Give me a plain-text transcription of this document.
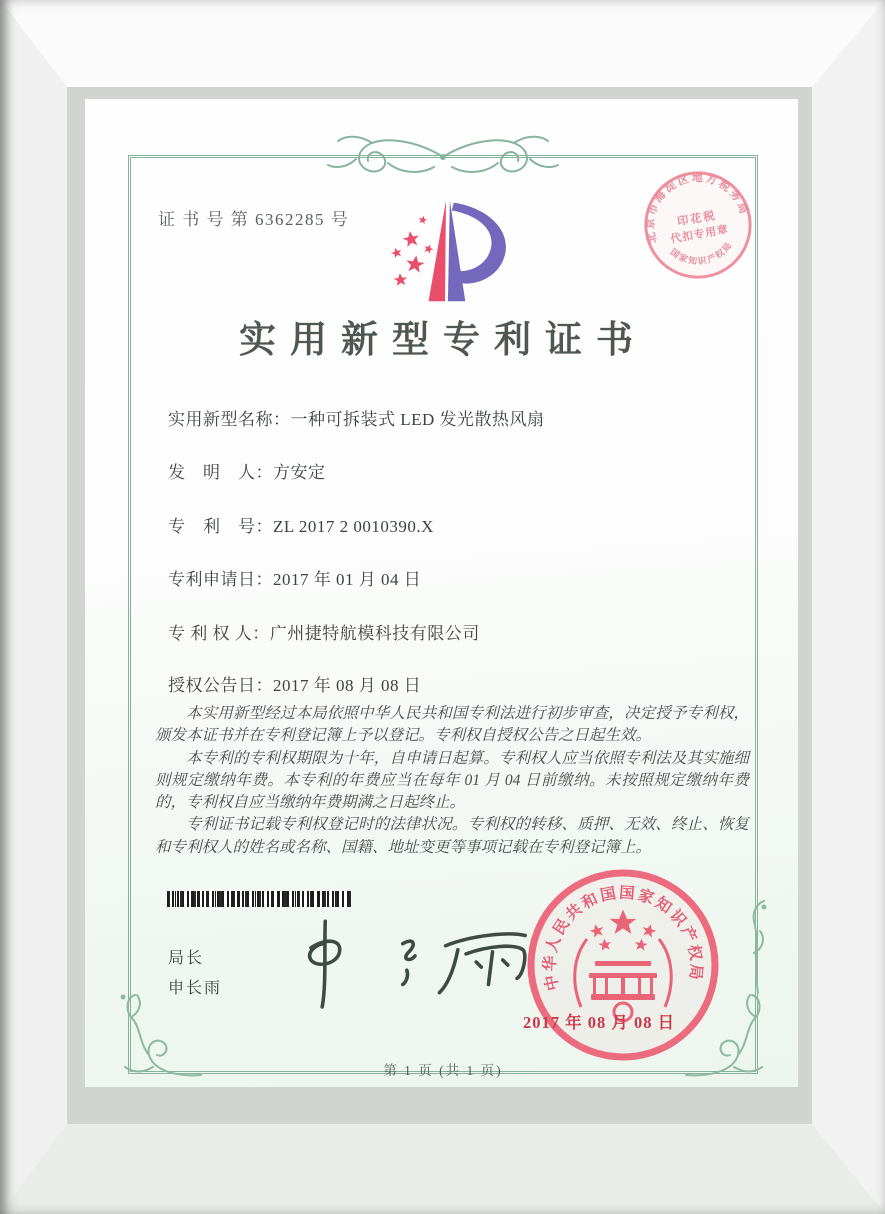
证 书 号 第 6362285 号
北京市海淀区地方税务局
国家知识产权局
印花税
代扣专用章
实用新型专利证书
实用新型名称：一种可拆装式 LED 发光散热风扇
发　明　人：方安定
专　利　号：ZL 2017 2 0010390.X
专利申请日：2017 年 01 月 04 日
专 利 权 人：广州捷特航模科技有限公司
授权公告日：2017 年 08 月 08 日

本实用新型经过本局依照中华人民共和国专利法进行初步审查，决定授予专利权，颁发本证书并在专利登记簿上予以登记。专利权自授权公告之日起生效。

本专利的专利权期限为十年，自申请日起算。专利权人应当依照专利法及其实施细则规定缴纳年费。本专利的年费应当在每年 01 月 04 日前缴纳。未按照规定缴纳年费的，专利权自应当缴纳年费期满之日起终止。

专利证书记载专利权登记时的法律状况。专利权的转移、质押、无效、终止、恢复和专利权人的姓名或名称、国籍、地址变更等事项记载在专利登记簿上。

局长
申长雨	中华人民共和国国家知识产权局
2017 年 08 月 08 日
第 1 页 (共 1 页)
